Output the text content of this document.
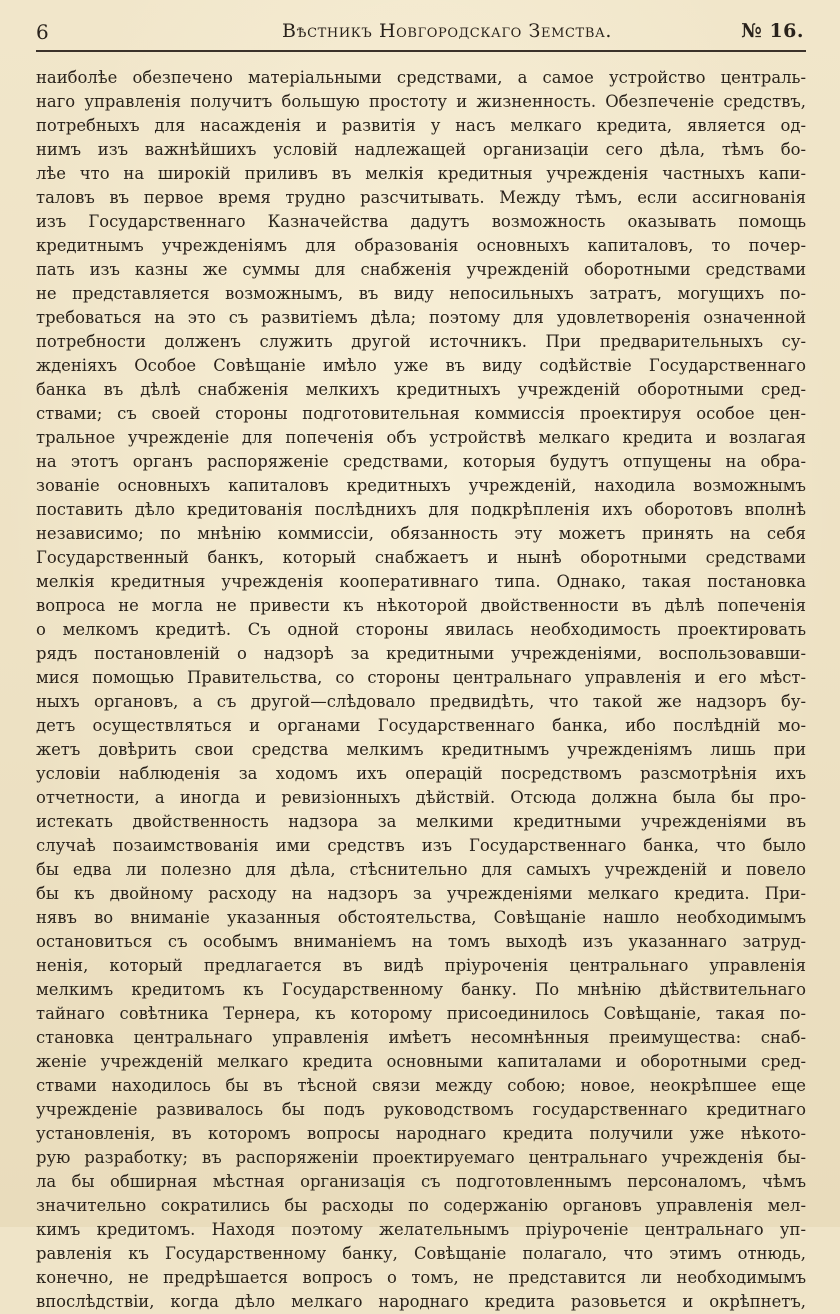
6	Вѣстникъ Новгородскаго Земства.	№ 16.
наиболѣе обезпечено матеріальными средствами, а самое устройство централь-
наго управленія получитъ большую простоту и жизненность. Обезпеченіе средствъ,
потребныхъ для насажденія и развитія у насъ мелкаго кредита, является од-
нимъ изъ важнѣйшихъ условій надлежащей организаціи сего дѣла, тѣмъ бо-
лѣе что на широкій приливъ въ мелкія кредитныя учрежденія частныхъ капи-
таловъ въ первое время трудно разсчитывать. Между тѣмъ, если ассигнованія
изъ Государственнаго Казначейства дадутъ возможность оказывать помощь
кредитнымъ учрежденіямъ для образованія основныхъ капиталовъ, то почер-
пать изъ казны же суммы для снабженія учрежденій оборотными средствами
не представляется возможнымъ, въ виду непосильныхъ затратъ, могущихъ по-
требоваться на это съ развитіемъ дѣла; поэтому для удовлетворенія означенной
потребности долженъ служить другой источникъ. При предварительныхъ су-
жденіяхъ Особое Совѣщаніе имѣло уже въ виду содѣйствіе Государственнаго
банка въ дѣлѣ снабженія мелкихъ кредитныхъ учрежденій оборотными сред-
ствами; съ своей стороны подготовительная коммиссія проектируя особое цен-
тральное учрежденіе для попеченія объ устройствѣ мелкаго кредита и возлагая
на этотъ органъ распоряженіе средствами, которыя будутъ отпущены на обра-
зованіе основныхъ капиталовъ кредитныхъ учрежденій, находила возможнымъ
поставить дѣло кредитованія послѣднихъ для подкрѣпленія ихъ оборотовъ вполнѣ
независимо; по мнѣнію коммиссіи, обязанность эту можетъ принять на себя
Государственный банкъ, который снабжаетъ и нынѣ оборотными средствами
мелкія кредитныя учрежденія кооперативнаго типа. Однако, такая постановка
вопроса не могла не привести къ нѣкоторой двойственности въ дѣлѣ попеченія
о мелкомъ кредитѣ. Съ одной стороны явилась необходимость проектировать
рядъ постановленій о надзорѣ за кредитными учрежденіями, воспользовавши-
мися помощью Правительства, со стороны центральнаго управленія и его мѣст-
ныхъ органовъ, а съ другой—слѣдовало предвидѣть, что такой же надзоръ бу-
детъ осуществляться и органами Государственнаго банка, ибо послѣдній мо-
жетъ довѣрить свои средства мелкимъ кредитнымъ учрежденіямъ лишь при
условіи наблюденія за ходомъ ихъ операцій посредствомъ разсмотрѣнія ихъ
отчетности, а иногда и ревизіонныхъ дѣйствій. Отсюда должна была бы про-
истекать двойственность надзора за мелкими кредитными учрежденіями въ
случаѣ позаимствованія ими средствъ изъ Государственнаго банка, что было
бы едва ли полезно для дѣла, стѣснительно для самыхъ учрежденій и повело
бы къ двойному расходу на надзоръ за учрежденіями мелкаго кредита. При-
нявъ во вниманіе указанныя обстоятельства, Совѣщаніе нашло необходимымъ
остановиться съ особымъ вниманіемъ на томъ выходѣ изъ указаннаго затруд-
ненія, который предлагается въ видѣ пріуроченія центральнаго управленія
мелкимъ кредитомъ къ Государственному банку. По мнѣнію дѣйствительнаго
тайнаго совѣтника Тернера, къ которому присоединилось Совѣщаніе, такая по-
становка центральнаго управленія имѣетъ несомнѣнныя преимущества: снаб-
женіе учрежденій мелкаго кредита основными капиталами и оборотными сред-
ствами находилось бы въ тѣсной связи между собою; новое, неокрѣпшее еще
учрежденіе развивалось бы подъ руководствомъ государственнаго кредитнаго
установленія, въ которомъ вопросы народнаго кредита получили уже нѣкото-
рую разработку; въ распоряженіи проектируемаго центральнаго учрежденія бы-
ла бы обширная мѣстная организація съ подготовленнымъ персоналомъ, чѣмъ
значительно сократились бы расходы по содержанію органовъ управленія мел-
кимъ кредитомъ. Находя поэтому желательнымъ пріуроченіе центральнаго уп-
равленія къ Государственному банку, Совѣщаніе полагало, что этимъ отнюдь,
конечно, не предрѣшается вопросъ о томъ, не представится ли необходимымъ
впослѣдствіи, когда дѣло мелкаго народнаго кредита разовьется и окрѣпнетъ,
